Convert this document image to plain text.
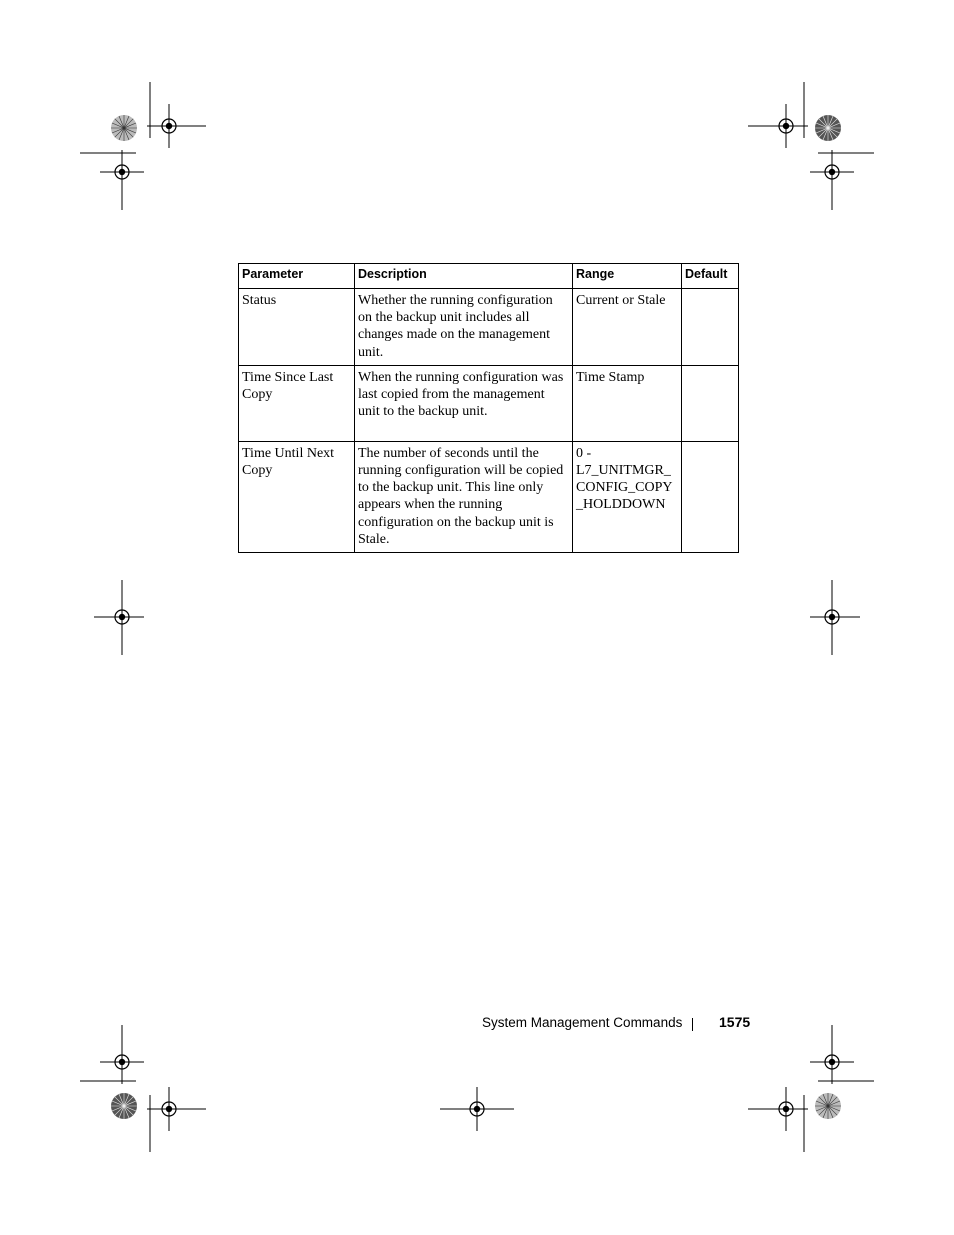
Parameter	Description	Range	Default
Status	Whether the running configuration on the backup unit includes all changes made on the management unit.	Current or Stale	
Time Since Last Copy	When the running configuration was last copied from the management unit to the backup unit.	Time Stamp	
Time Until Next Copy	The number of seconds until the running configuration will be copied to the backup unit. This line only appears when the running configuration on the backup unit is Stale.	0 - L7_UNITMGR_ CONFIG_COPY _HOLDDOWN	
System Management Commands	1575
